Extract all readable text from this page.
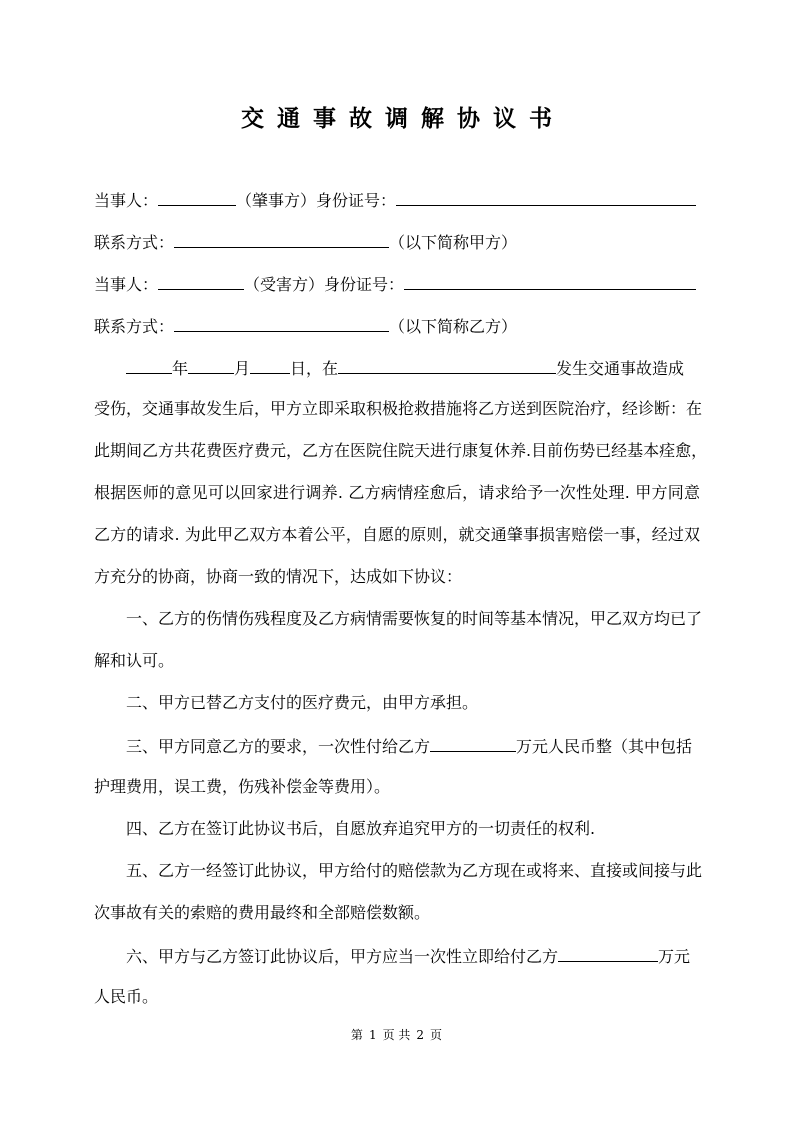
交通事故调解协议书
当事人：	（肇事方）身份证号：
联系方式：	（以下简称甲方）
当事人：	（受害方）身份证号：
联系方式：	（以下简称乙方）
年	月	日，在	发生交通事故造成
受伤，交通事故发生后，甲方立即采取积极抢救措施将乙方送到医院治疗，经诊断：在
此期间乙方共花费医疗费元，乙方在医院住院天进行康复休养.目前伤势已经基本痊愈，
根据医师的意见可以回家进行调养. 乙方病情痊愈后，请求给予一次性处理. 甲方同意
乙方的请求. 为此甲乙双方本着公平，自愿的原则，就交通肇事损害赔偿一事，经过双
方充分的协商，协商一致的情况下，达成如下协议：
一、乙方的伤情伤残程度及乙方病情需要恢复的时间等基本情况，甲乙双方均已了
解和认可。
二、甲方已替乙方支付的医疗费元，由甲方承担。
三、甲方同意乙方的要求，一次性付给乙方	万元人民币整（其中包括
护理费用，误工费，伤残补偿金等费用）。
四、乙方在签订此协议书后，自愿放弃追究甲方的一切责任的权利.
五、乙方一经签订此协议，甲方给付的赔偿款为乙方现在或将来、直接或间接与此
次事故有关的索赔的费用最终和全部赔偿数额。
六、甲方与乙方签订此协议后，甲方应当一次性立即给付乙方	万元
人民币。
第 1 页 共 2 页
